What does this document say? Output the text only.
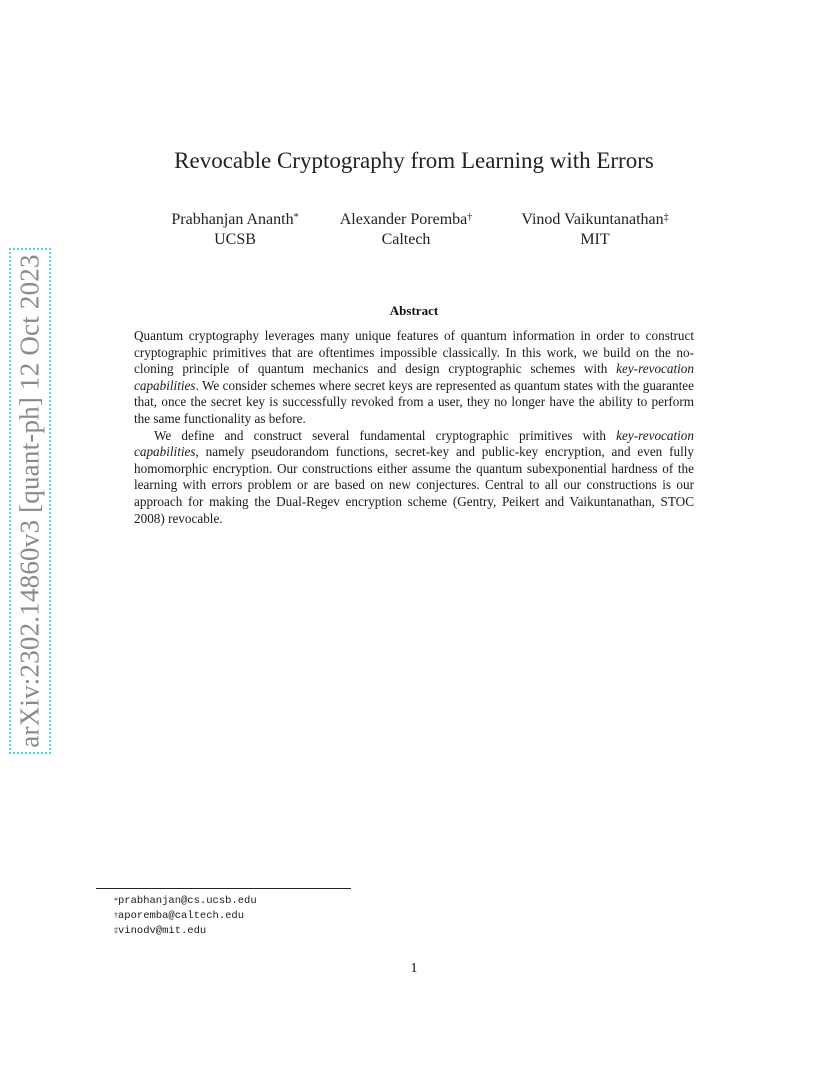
arXiv:2302.14860v3 [quant-ph] 12 Oct 2023
Revocable Cryptography from Learning with Errors
Prabhanjan Ananth*
UCSB
Alexander Poremba†
Caltech
Vinod Vaikuntanathan‡
MIT
Abstract

Quantum cryptography leverages many unique features of quantum information in order to construct cryptographic primitives that are oftentimes impossible classically. In this work, we build on the no-cloning principle of quantum mechanics and design cryptographic schemes with key-revocation capabilities. We consider schemes where secret keys are represented as quantum states with the guarantee that, once the secret key is successfully revoked from a user, they no longer have the ability to perform the same functionality as before.

We define and construct several fundamental cryptographic primitives with key-revocation capabilities, namely pseudorandom functions, secret-key and public-key encryption, and even fully homomorphic encryption. Our constructions either assume the quantum subexponential hardness of the learning with errors problem or are based on new conjectures. Central to all our constructions is our approach for making the Dual-Regev encryption scheme (Gentry, Peikert and Vaikuntanathan, STOC 2008) revocable.

*prabhanjan@cs.ucsb.edu
†aporemba@caltech.edu
‡vinodv@mit.edu
1
